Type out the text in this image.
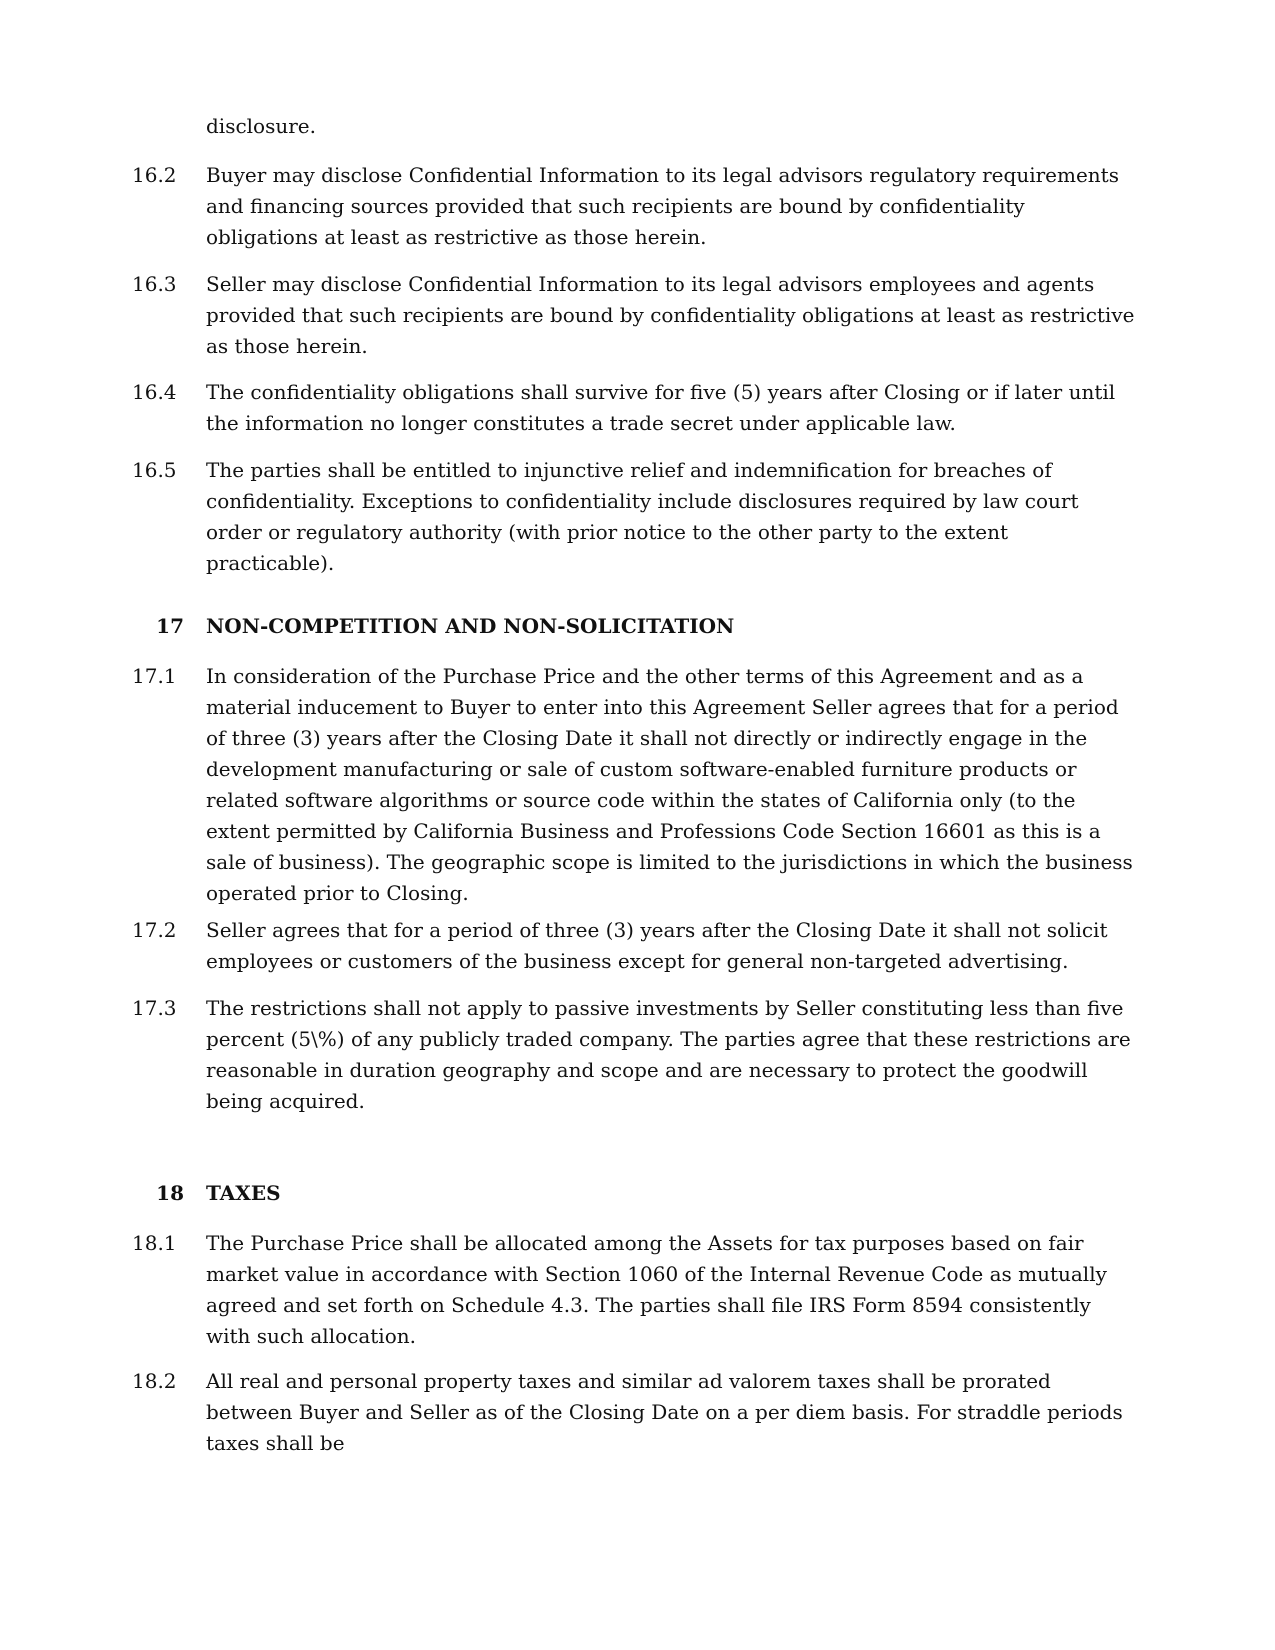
disclosure.

16.2	Buyer may disclose Confidential Information to its legal advisors regulatory requirements and financing sources provided that such recipients are bound by confidentiality obligations at least as restrictive as those herein.

16.3	Seller may disclose Confidential Information to its legal advisors employees and agents provided that such recipients are bound by confidentiality obligations at least as restrictive as those herein.

16.4	The confidentiality obligations shall survive for five (5) years after Closing or if later until the information no longer constitutes a trade secret under applicable law.

16.5	The parties shall be entitled to injunctive relief and indemnification for breaches of confidentiality. Exceptions to confidentiality include disclosures required by law court order or regulatory authority (with prior notice to the other party to the extent practicable).

17 NON-COMPETITION AND NON-SOLICITATION

17.1	In consideration of the Purchase Price and the other terms of this Agreement and as a material inducement to Buyer to enter into this Agreement Seller agrees that for a period of three (3) years after the Closing Date it shall not directly or indirectly engage in the development manufacturing or sale of custom software-enabled furniture products or related software algorithms or source code within the states of California only (to the extent permitted by California Business and Professions Code Section 16601 as this is a sale of business). The geographic scope is limited to the jurisdictions in which the business operated prior to Closing.

17.2	Seller agrees that for a period of three (3) years after the Closing Date it shall not solicit employees or customers of the business except for general non-targeted advertising.

17.3	The restrictions shall not apply to passive investments by Seller constituting less than five percent (5\%) of any publicly traded company. The parties agree that these restrictions are reasonable in duration geography and scope and are necessary to protect the goodwill being acquired.

18 TAXES

18.1	The Purchase Price shall be allocated among the Assets for tax purposes based on fair market value in accordance with Section 1060 of the Internal Revenue Code as mutually agreed and set forth on Schedule 4.3. The parties shall file IRS Form 8594 consistently with such allocation.

18.2	All real and personal property taxes and similar ad valorem taxes shall be prorated between Buyer and Seller as of the Closing Date on a per diem basis. For straddle periods taxes shall be
